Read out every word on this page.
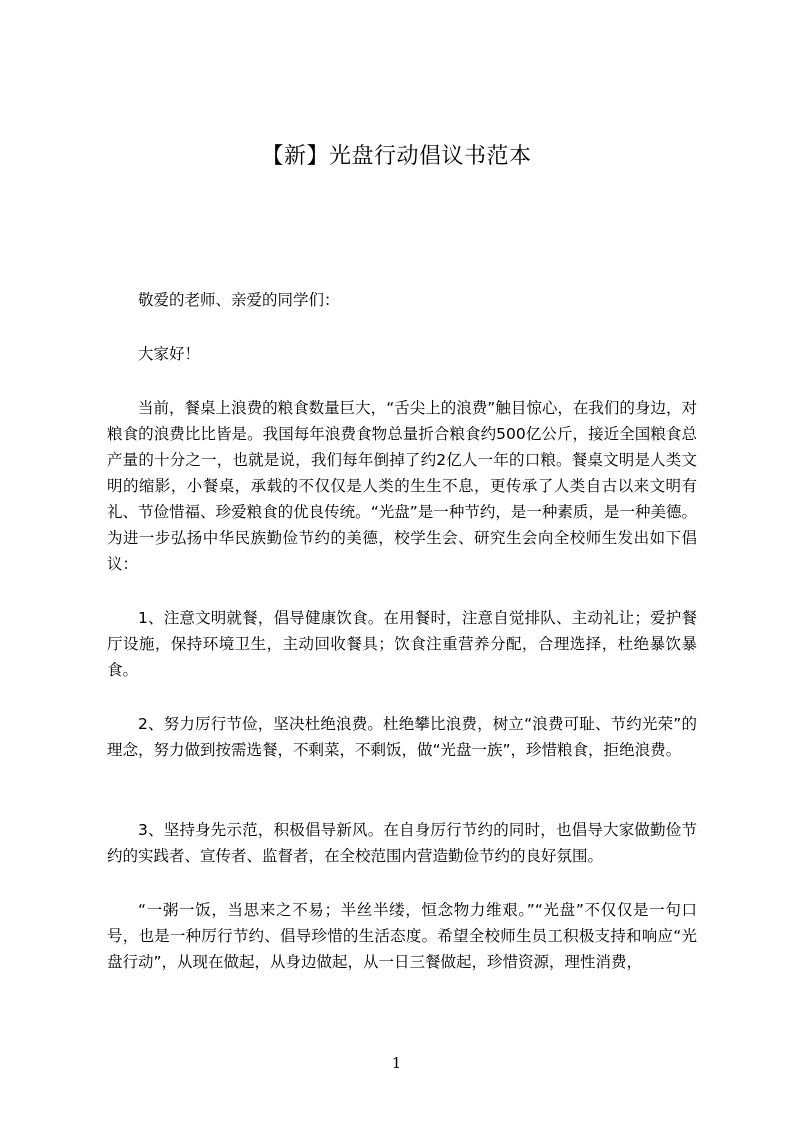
【新】光盘行动倡议书范本

敬爱的老师、亲爱的同学们：

大家好！

当前，餐桌上浪费的粮食数量巨大，“舌尖上的浪费”触目惊心，在我们的身边，对粮食的浪费比比皆是。我国每年浪费食物总量折合粮食约500亿公斤，接近全国粮食总产量的十分之一，也就是说，我们每年倒掉了约2亿人一年的口粮。餐桌文明是人类文明的缩影，小餐桌，承载的不仅仅是人类的生生不息，更传承了人类自古以来文明有礼、节俭惜福、珍爱粮食的优良传统。“光盘”是一种节约，是一种素质，是一种美德。为进一步弘扬中华民族勤俭节约的美德，校学生会、研究生会向全校师生发出如下倡议：

1、注意文明就餐，倡导健康饮食。在用餐时，注意自觉排队、主动礼让；爱护餐厅设施，保持环境卫生，主动回收餐具；饮食注重营养分配，合理选择，杜绝暴饮暴食。

2、努力厉行节俭，坚决杜绝浪费。杜绝攀比浪费，树立“浪费可耻、节约光荣”的理念，努力做到按需选餐，不剩菜，不剩饭，做“光盘一族”，珍惜粮食，拒绝浪费。

3、坚持身先示范，积极倡导新风。在自身厉行节约的同时，也倡导大家做勤俭节约的实践者、宣传者、监督者，在全校范围内营造勤俭节约的良好氛围。

“一粥一饭，当思来之不易；半丝半缕，恒念物力维艰。”“光盘”不仅仅是一句口号，也是一种厉行节约、倡导珍惜的生活态度。希望全校师生员工积极支持和响应“光盘行动”，从现在做起，从身边做起，从一日三餐做起，珍惜资源，理性消费，

1
